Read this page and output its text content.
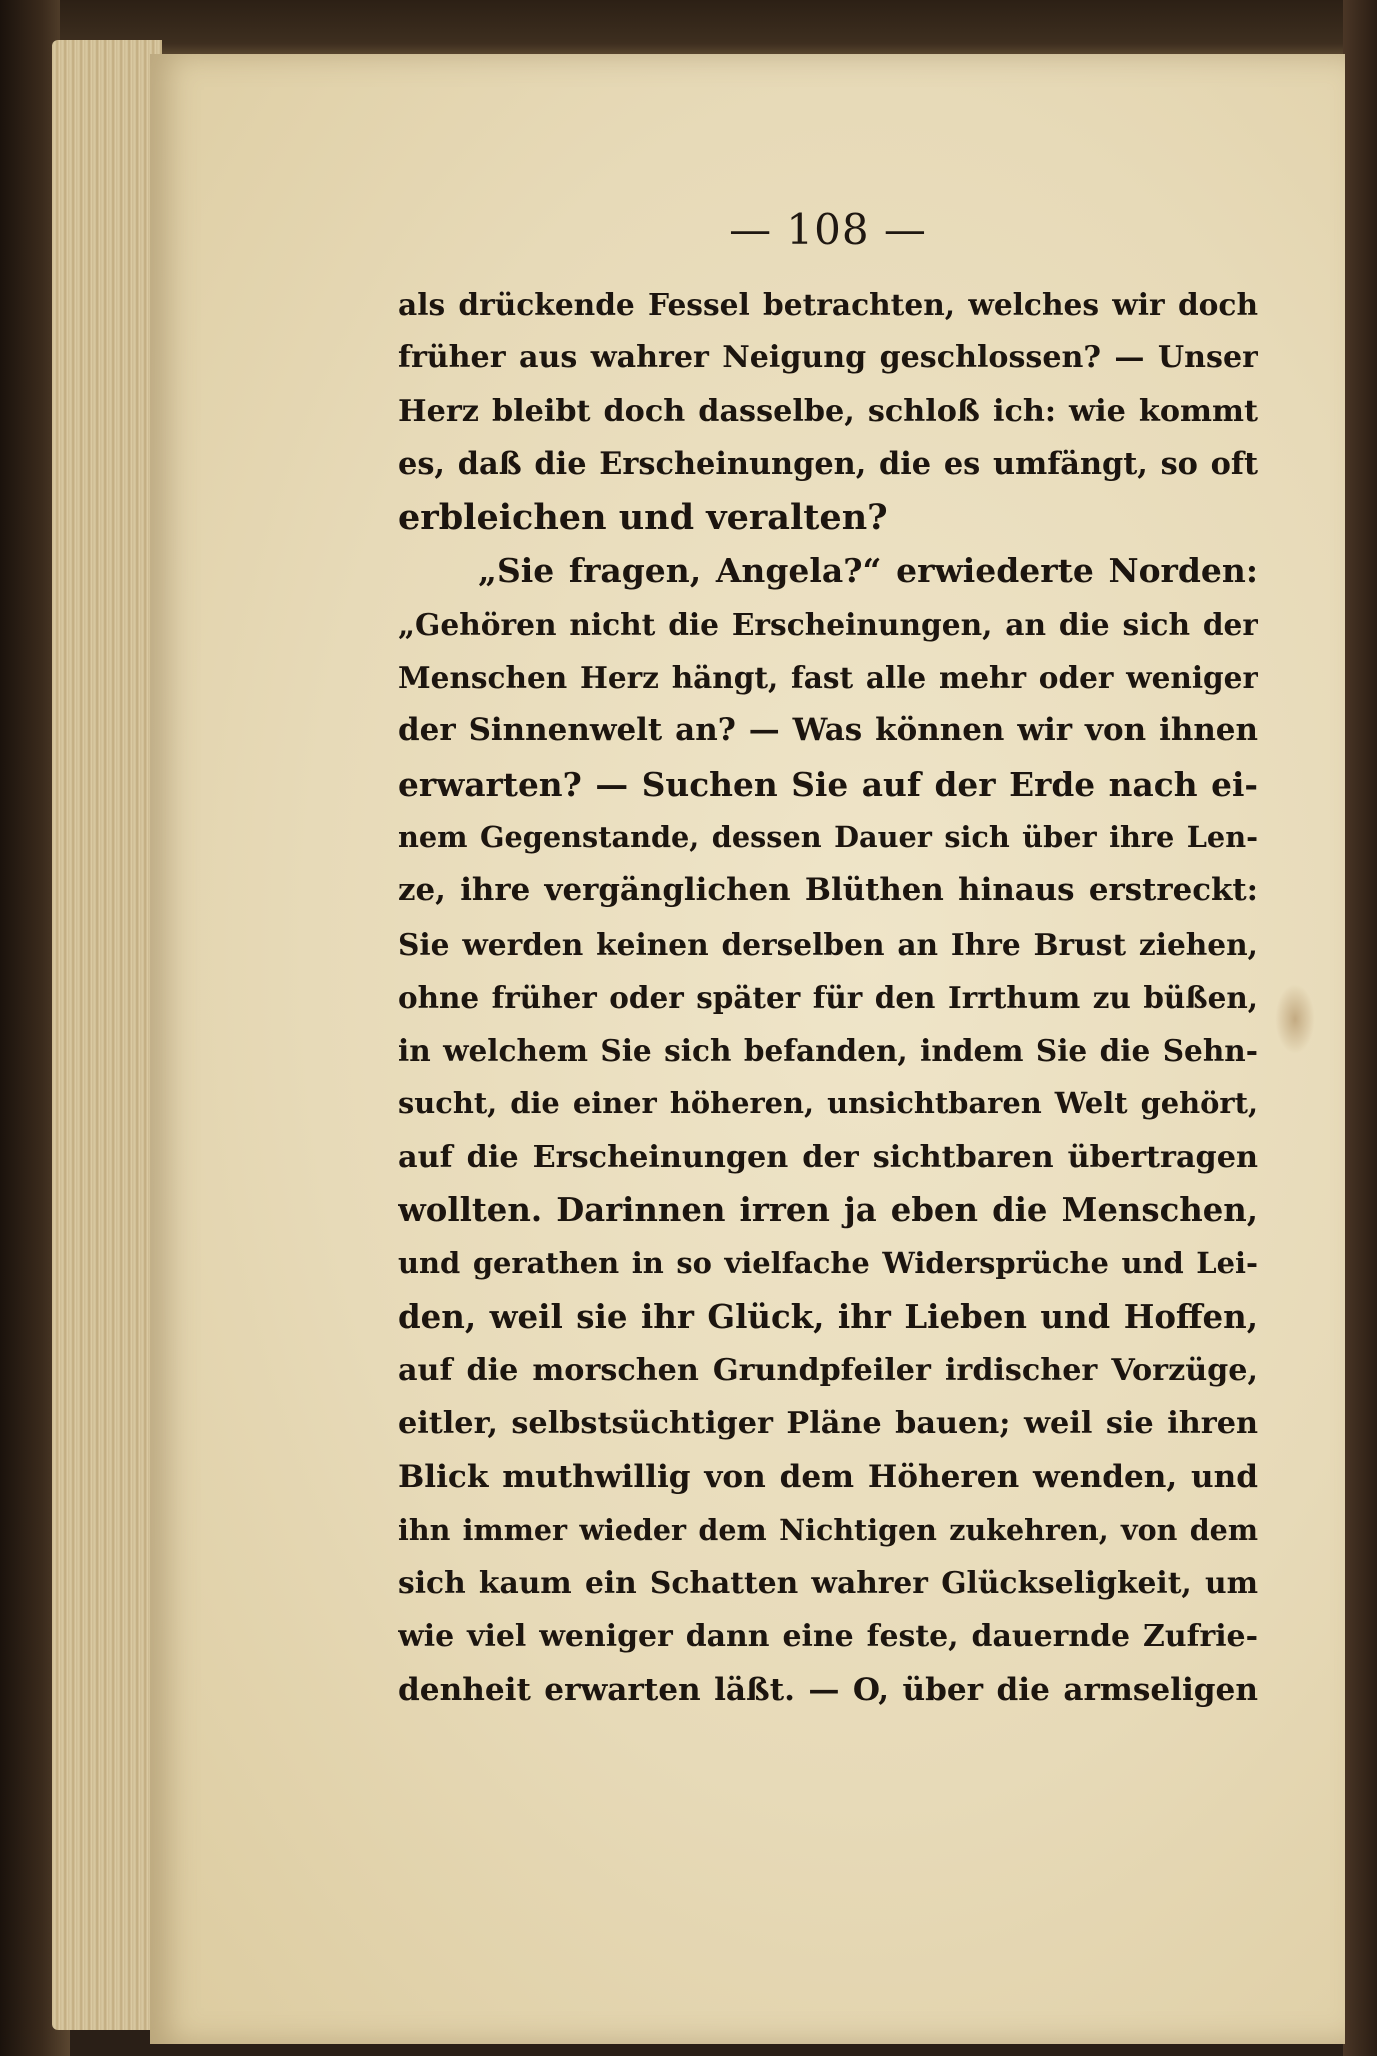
— 108 —
als drückende Fessel betrachten, welches wir doch
früher aus wahrer Neigung geschlossen? — Unser
Herz bleibt doch dasselbe, schloß ich: wie kommt
es, daß die Erscheinungen, die es umfängt, so oft
erbleichen und veralten?
„Sie fragen, Angela?“ erwiederte Norden:
„Gehören nicht die Erscheinungen, an die sich der
Menschen Herz hängt, fast alle mehr oder weniger
der Sinnenwelt an? — Was können wir von ihnen
erwarten? — Suchen Sie auf der Erde nach ei-
nem Gegenstande, dessen Dauer sich über ihre Len-
ze, ihre vergänglichen Blüthen hinaus erstreckt:
Sie werden keinen derselben an Ihre Brust ziehen,
ohne früher oder später für den Irrthum zu büßen,
in welchem Sie sich befanden, indem Sie die Sehn-
sucht, die einer höheren, unsichtbaren Welt gehört,
auf die Erscheinungen der sichtbaren übertragen
wollten. Darinnen irren ja eben die Menschen,
und gerathen in so vielfache Widersprüche und Lei-
den, weil sie ihr Glück, ihr Lieben und Hoffen,
auf die morschen Grundpfeiler irdischer Vorzüge,
eitler, selbstsüchtiger Pläne bauen; weil sie ihren
Blick muthwillig von dem Höheren wenden, und
ihn immer wieder dem Nichtigen zukehren, von dem
sich kaum ein Schatten wahrer Glückseligkeit, um
wie viel weniger dann eine feste, dauernde Zufrie-
denheit erwarten läßt. — O, über die armseligen
